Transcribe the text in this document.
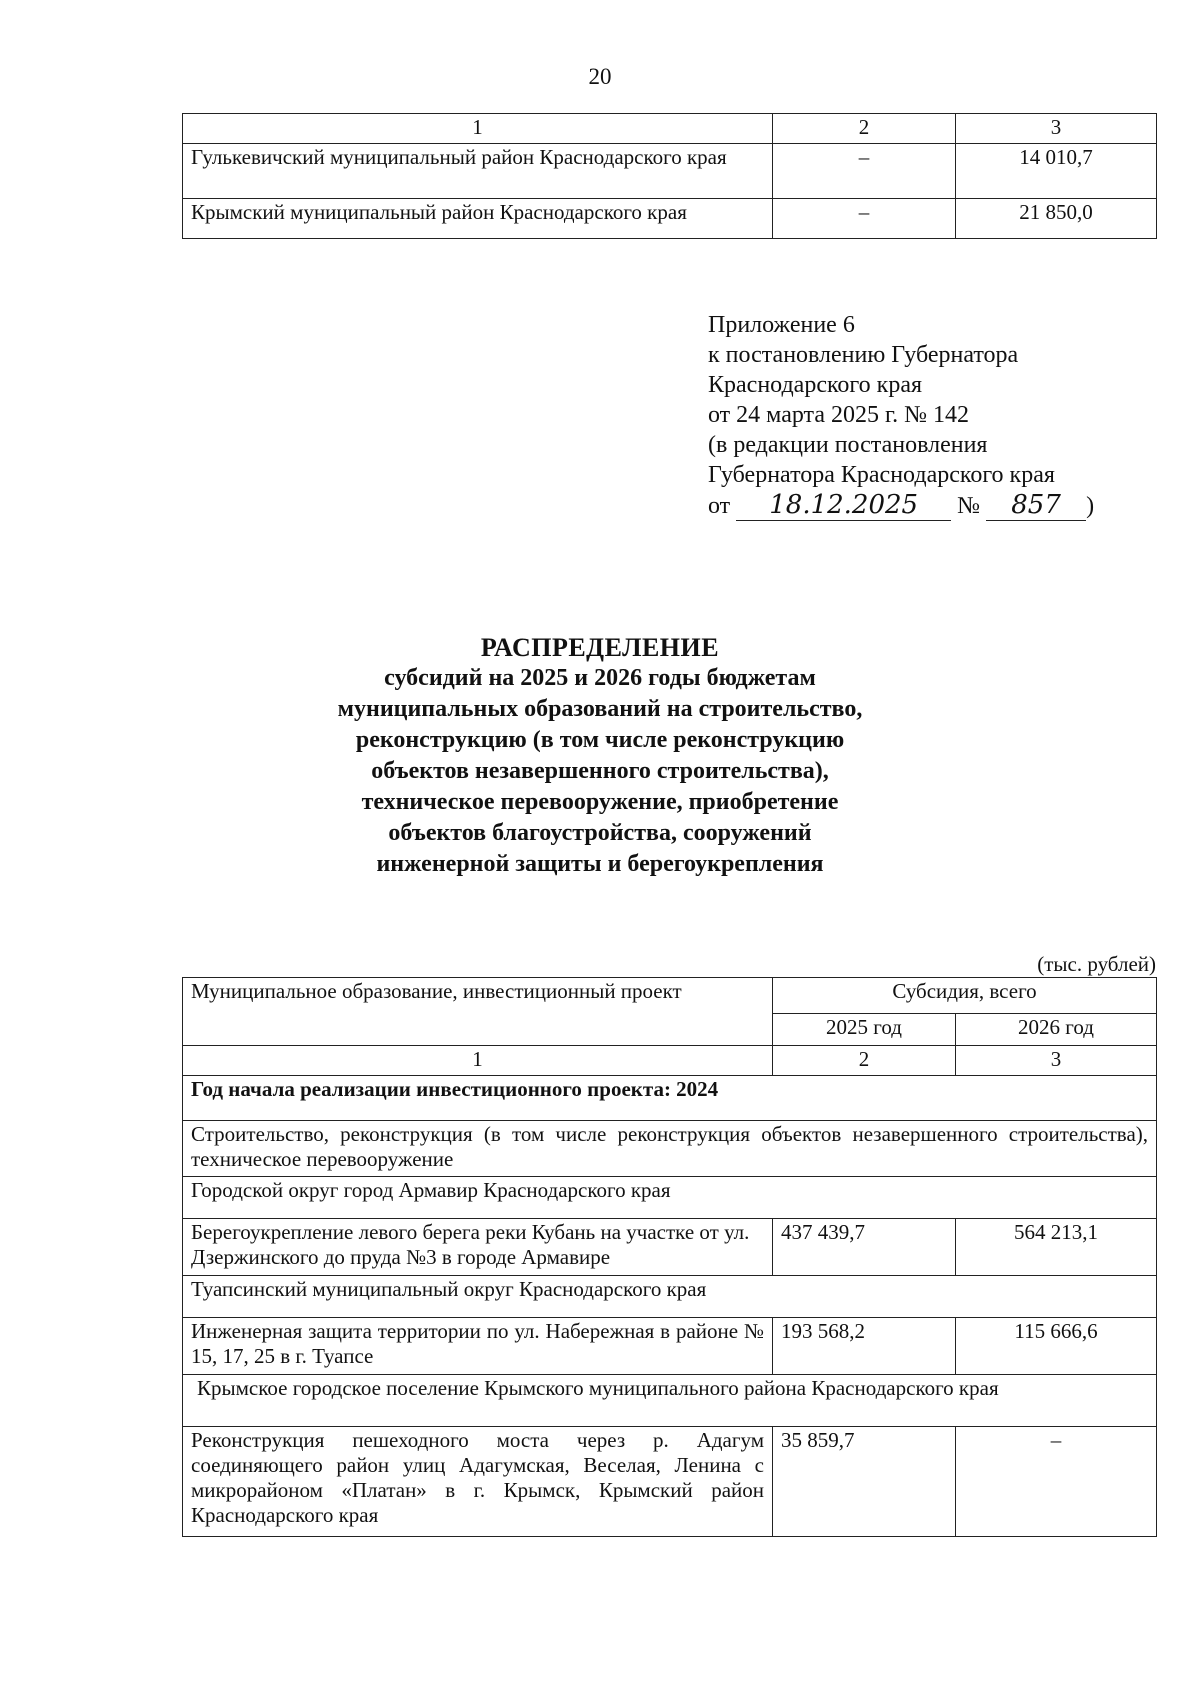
20
1	2	3
Гулькевичский муниципальный район Краснодарского края	–	14 010,7
Крымский муниципальный район Краснодарского края	–	21 850,0
Приложение 6
к постановлению Губернатора
Краснодарского края
от 24 марта 2025 г. № 142
(в редакции постановления
Губернатора Краснодарского края
от 18.12.2025 № 857 )
РАСПРЕДЕЛЕНИЕ
субсидий на 2025 и 2026 годы бюджетам
муниципальных образований на строительство,
реконструкцию (в том числе реконструкцию
объектов незавершенного строительства),
техническое перевооружение, приобретение
объектов благоустройства, сооружений
инженерной защиты и берегоукрепления
(тыс. рублей)
Муниципальное образование, инвестиционный проект	Субсидия, всего	
	2025 год	2026 год
1	2	3
Год начала реализации инвестиционного проекта: 2024		
Строительство, реконструкция (в том числе реконструкция объектов незавершенного строительства), техническое перевооружение		
Городской округ город Армавир Краснодарского края		
Берегоукрепление левого берега реки Кубань на участке от ул. Дзержинского до пруда №3 в городе Армавире	437 439,7	564 213,1
Туапсинский муниципальный округ Краснодарского края		
Инженерная защита территории по ул. Набережная в районе № 15, 17, 25 в г. Туапсе	193 568,2	115 666,6
Крымское городское поселение Крымского муниципального района Краснодарского края		
Реконструкция пешеходного моста через р. Адагум соединяющего район улиц Адагумская, Веселая, Ленина с микрорайоном «Платан» в г. Крымск, Крымский район Краснодарского края	35 859,7	–
